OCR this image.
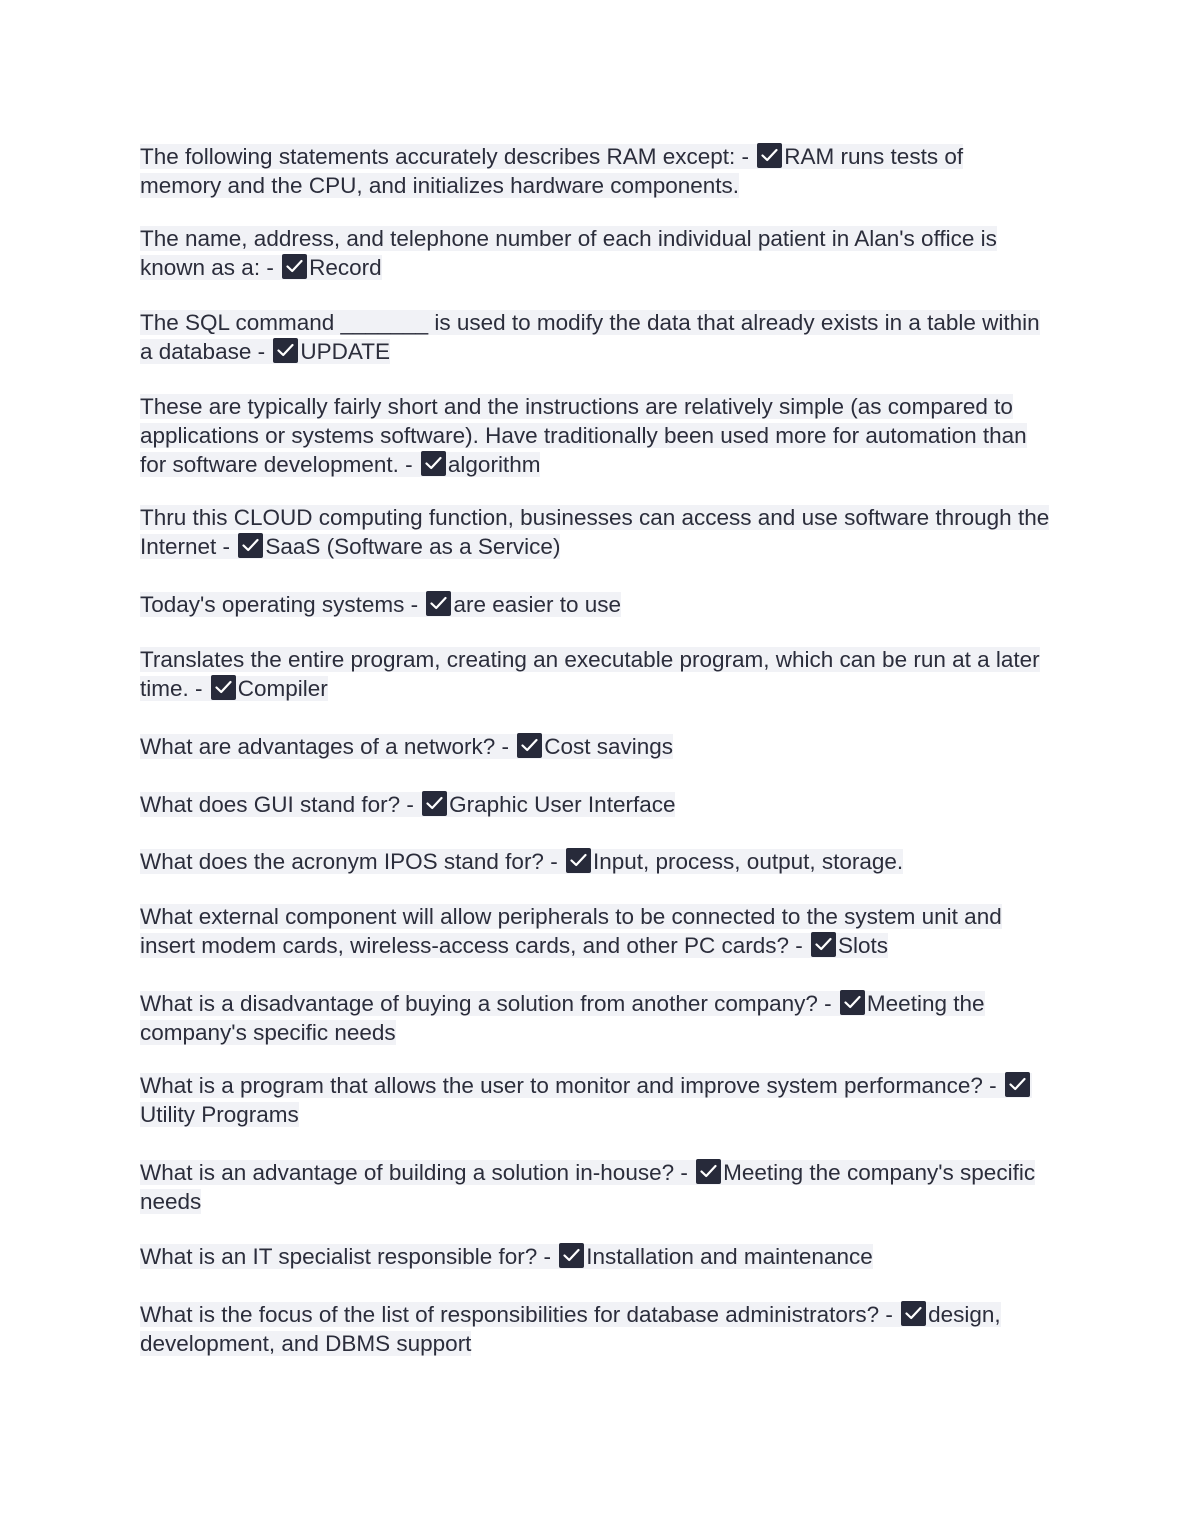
The following statements accurately describes RAM except: - RAM runs tests of memory and the CPU, and initializes hardware components.

The name, address, and telephone number of each individual patient in Alan's office is known as a: - Record

The SQL command _______ is used to modify the data that already exists in a table within a database - UPDATE

These are typically fairly short and the instructions are relatively simple (as compared to applications or systems software). Have traditionally been used more for automation than for software development. - algorithm

Thru this CLOUD computing function, businesses can access and use software through the Internet - SaaS (Software as a Service)

Today's operating systems - are easier to use

Translates the entire program, creating an executable program, which can be run at a later time. - Compiler

What are advantages of a network? - Cost savings

What does GUI stand for? - Graphic User Interface

What does the acronym IPOS stand for? - Input, process, output, storage.

What external component will allow peripherals to be connected to the system unit and insert modem cards, wireless-access cards, and other PC cards? - Slots

What is a disadvantage of buying a solution from another company? - Meeting the company's specific needs

What is a program that allows the user to monitor and improve system performance? -
Utility Programs

What is an advantage of building a solution in-house? - Meeting the company's specific needs

What is an IT specialist responsible for? - Installation and maintenance

What is the focus of the list of responsibilities for database administrators? - design, development, and DBMS support
